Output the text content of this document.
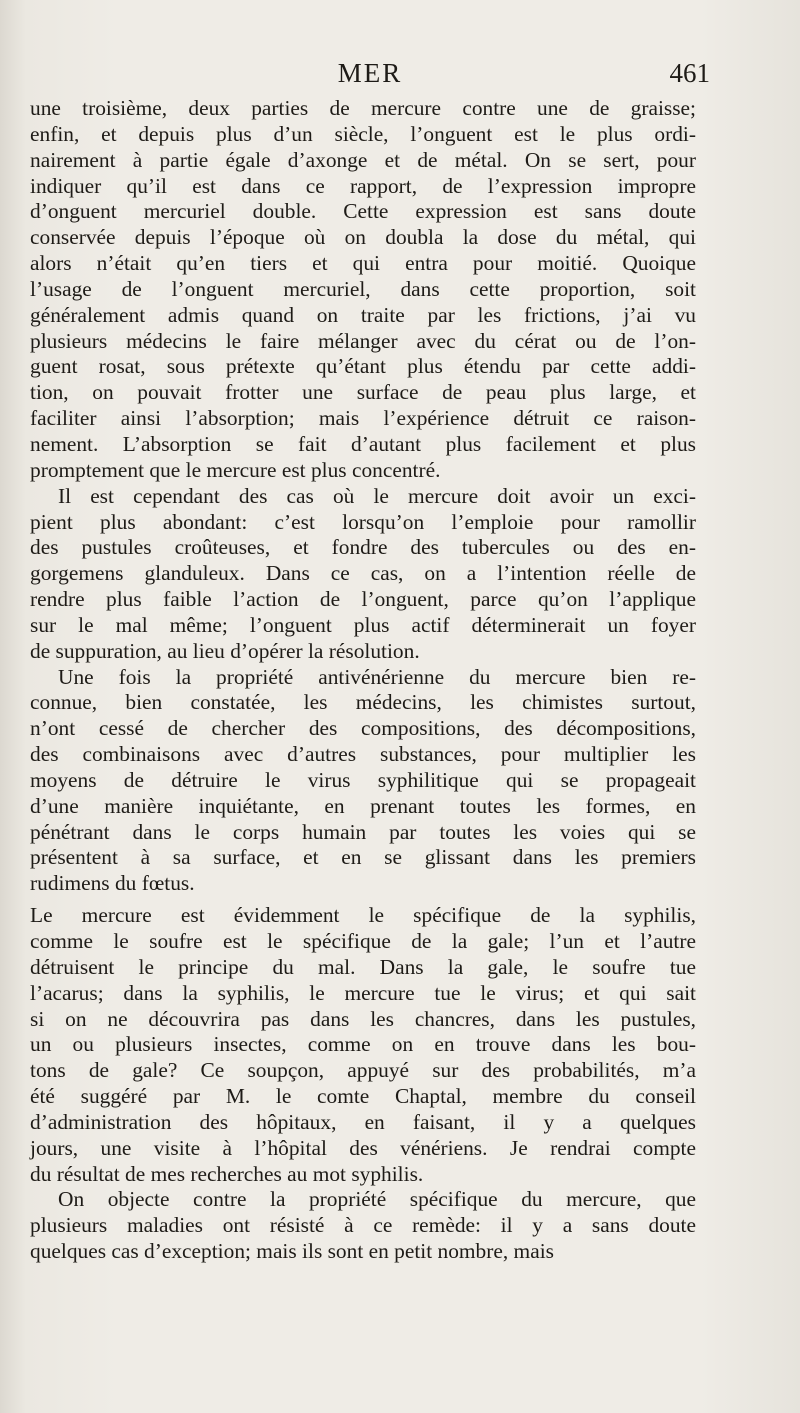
MER	461
une troisième, deux parties de mercure contre une de graisse;
enfin, et depuis plus d’un siècle, l’onguent est le plus ordi-
nairement à partie égale d’axonge et de métal. On se sert, pour
indiquer qu’il est dans ce rapport, de l’expression impropre
d’onguent mercuriel double. Cette expression est sans doute
conservée depuis l’époque où on doubla la dose du métal, qui
alors n’était qu’en tiers et qui entra pour moitié. Quoique
l’usage de l’onguent mercuriel, dans cette proportion, soit
généralement admis quand on traite par les frictions, j’ai vu
plusieurs médecins le faire mélanger avec du cérat ou de l’on-
guent rosat, sous prétexte qu’étant plus étendu par cette addi-
tion, on pouvait frotter une surface de peau plus large, et
faciliter ainsi l’absorption; mais l’expérience détruit ce raison-
nement. L’absorption se fait d’autant plus facilement et plus
promptement que le mercure est plus concentré.
Il est cependant des cas où le mercure doit avoir un exci-
pient plus abondant: c’est lorsqu’on l’emploie pour ramollir
des pustules croûteuses, et fondre des tubercules ou des en-
gorgemens glanduleux. Dans ce cas, on a l’intention réelle de
rendre plus faible l’action de l’onguent, parce qu’on l’applique
sur le mal même; l’onguent plus actif déterminerait un foyer
de suppuration, au lieu d’opérer la résolution.
Une fois la propriété antivénérienne du mercure bien re-
connue, bien constatée, les médecins, les chimistes surtout,
n’ont cessé de chercher des compositions, des décompositions,
des combinaisons avec d’autres substances, pour multiplier les
moyens de détruire le virus syphilitique qui se propageait
d’une manière inquiétante, en prenant toutes les formes, en
pénétrant dans le corps humain par toutes les voies qui se
présentent à sa surface, et en se glissant dans les premiers
rudimens du fœtus.
Le mercure est évidemment le spécifique de la syphilis,
comme le soufre est le spécifique de la gale; l’un et l’autre
détruisent le principe du mal. Dans la gale, le soufre tue
l’acarus; dans la syphilis, le mercure tue le virus; et qui sait
si on ne découvrira pas dans les chancres, dans les pustules,
un ou plusieurs insectes, comme on en trouve dans les bou-
tons de gale? Ce soupçon, appuyé sur des probabilités, m’a
été suggéré par M. le comte Chaptal, membre du conseil
d’administration des hôpitaux, en faisant, il y a quelques
jours, une visite à l’hôpital des vénériens. Je rendrai compte
du résultat de mes recherches au mot syphilis.
On objecte contre la propriété spécifique du mercure, que
plusieurs maladies ont résisté à ce remède: il y a sans doute
quelques cas d’exception; mais ils sont en petit nombre, mais
